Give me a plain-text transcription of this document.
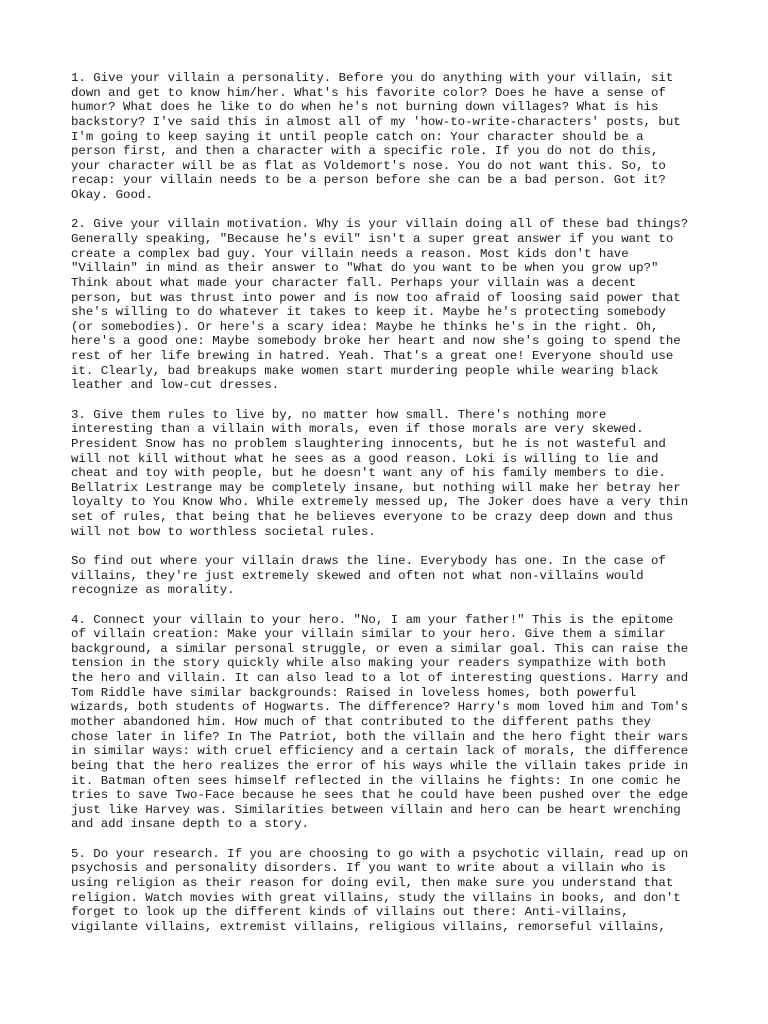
1. Give your villain a personality. Before you do anything with your villain, sit
down and get to know him/her. What's his favorite color? Does he have a sense of
humor? What does he like to do when he's not burning down villages? What is his
backstory? I've said this in almost all of my 'how-to-write-characters' posts, but
I'm going to keep saying it until people catch on: Your character should be a
person first, and then a character with a specific role. If you do not do this,
your character will be as flat as Voldemort's nose. You do not want this. So, to
recap: your villain needs to be a person before she can be a bad person. Got it?
Okay. Good.

2. Give your villain motivation. Why is your villain doing all of these bad things?
Generally speaking, "Because he's evil" isn't a super great answer if you want to
create a complex bad guy. Your villain needs a reason. Most kids don't have
"Villain" in mind as their answer to "What do you want to be when you grow up?"
Think about what made your character fall. Perhaps your villain was a decent
person, but was thrust into power and is now too afraid of loosing said power that
she's willing to do whatever it takes to keep it. Maybe he's protecting somebody
(or somebodies). Or here's a scary idea: Maybe he thinks he's in the right. Oh,
here's a good one: Maybe somebody broke her heart and now she's going to spend the
rest of her life brewing in hatred. Yeah. That's a great one! Everyone should use
it. Clearly, bad breakups make women start murdering people while wearing black
leather and low-cut dresses.

3. Give them rules to live by, no matter how small. There's nothing more
interesting than a villain with morals, even if those morals are very skewed.
President Snow has no problem slaughtering innocents, but he is not wasteful and
will not kill without what he sees as a good reason. Loki is willing to lie and
cheat and toy with people, but he doesn't want any of his family members to die.
Bellatrix Lestrange may be completely insane, but nothing will make her betray her
loyalty to You Know Who. While extremely messed up, The Joker does have a very thin
set of rules, that being that he believes everyone to be crazy deep down and thus
will not bow to worthless societal rules.

So find out where your villain draws the line. Everybody has one. In the case of
villains, they're just extremely skewed and often not what non-villains would
recognize as morality.

4. Connect your villain to your hero. "No, I am your father!" This is the epitome
of villain creation: Make your villain similar to your hero. Give them a similar
background, a similar personal struggle, or even a similar goal. This can raise the
tension in the story quickly while also making your readers sympathize with both
the hero and villain. It can also lead to a lot of interesting questions. Harry and
Tom Riddle have similar backgrounds: Raised in loveless homes, both powerful
wizards, both students of Hogwarts. The difference? Harry's mom loved him and Tom's
mother abandoned him. How much of that contributed to the different paths they
chose later in life? In The Patriot, both the villain and the hero fight their wars
in similar ways: with cruel efficiency and a certain lack of morals, the difference
being that the hero realizes the error of his ways while the villain takes pride in
it. Batman often sees himself reflected in the villains he fights: In one comic he
tries to save Two-Face because he sees that he could have been pushed over the edge
just like Harvey was. Similarities between villain and hero can be heart wrenching
and add insane depth to a story.

5. Do your research. If you are choosing to go with a psychotic villain, read up on
psychosis and personality disorders. If you want to write about a villain who is
using religion as their reason for doing evil, then make sure you understand that
religion. Watch movies with great villains, study the villains in books, and don't
forget to look up the different kinds of villains out there: Anti-villains,
vigilante villains, extremist villains, religious villains, remorseful villains,
